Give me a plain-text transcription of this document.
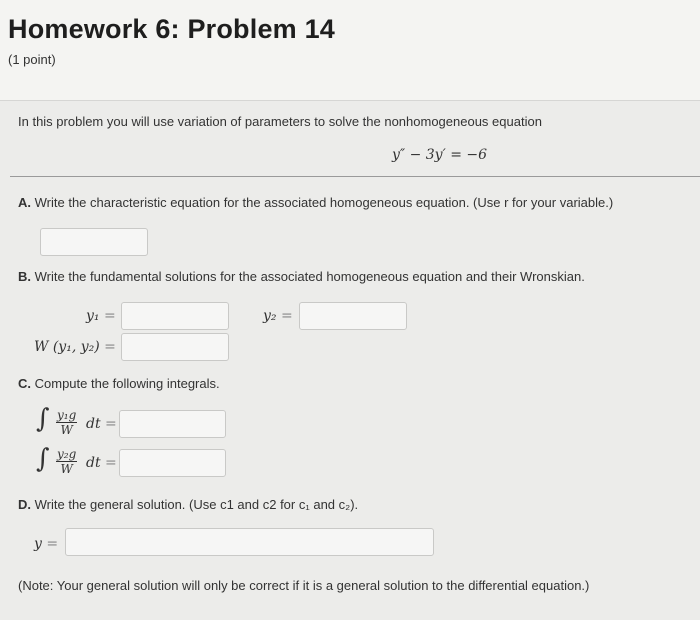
Homework 6: Problem 14
(1 point)
In this problem you will use variation of parameters to solve the nonhomogeneous equation
y″ − 3y′ = −6
A. Write the characteristic equation for the associated homogeneous equation. (Use r for your variable.)
B. Write the fundamental solutions for the associated homogeneous equation and their Wronskian.
y₁ =	y₂ =
W (y₁, y₂) =
C. Compute the following integrals.
∫ $\frac{\text{y₁g}}{W}$ dt =
∫ $\frac{\text{y₂g}}{W}$ dt =
D. Write the general solution. (Use c1 and c2 for c₁ and c₂).
y =
(Note: Your general solution will only be correct if it is a general solution to the differential equation.)
